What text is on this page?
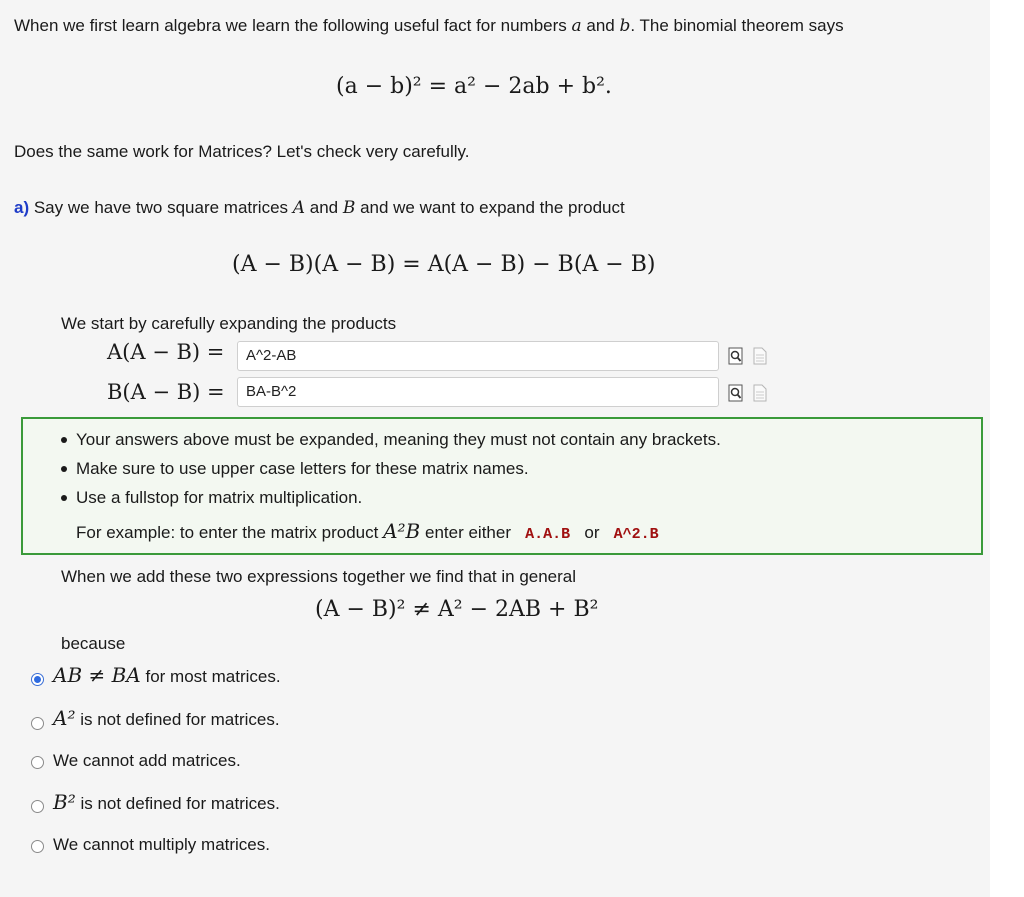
When we first learn algebra we learn the following useful fact for numbers a and b. The binomial theorem says
(a − b)² = a² − 2ab + b².
Does the same work for Matrices? Let's check very carefully.
a) Say we have two square matrices A and B and we want to expand the product
(A − B)(A − B) = A(A − B) − B(A − B)
We start by carefully expanding the products
A(A − B) =	A^2-AB
B(A − B) =	BA-B^2
Your answers above must be expanded, meaning they must not contain any brackets.
Make sure to use upper case letters for these matrix names.
Use a fullstop for matrix multiplication.
For example: to enter the matrix product A²B enter either   A.A.B or A^2.B
When we add these two expressions together we find that in general
(A − B)² ≠ A² − 2AB + B²
because
AB ≠ BA for most matrices.
A² is not defined for matrices.
We cannot add matrices.
B² is not defined for matrices.
We cannot multiply matrices.
